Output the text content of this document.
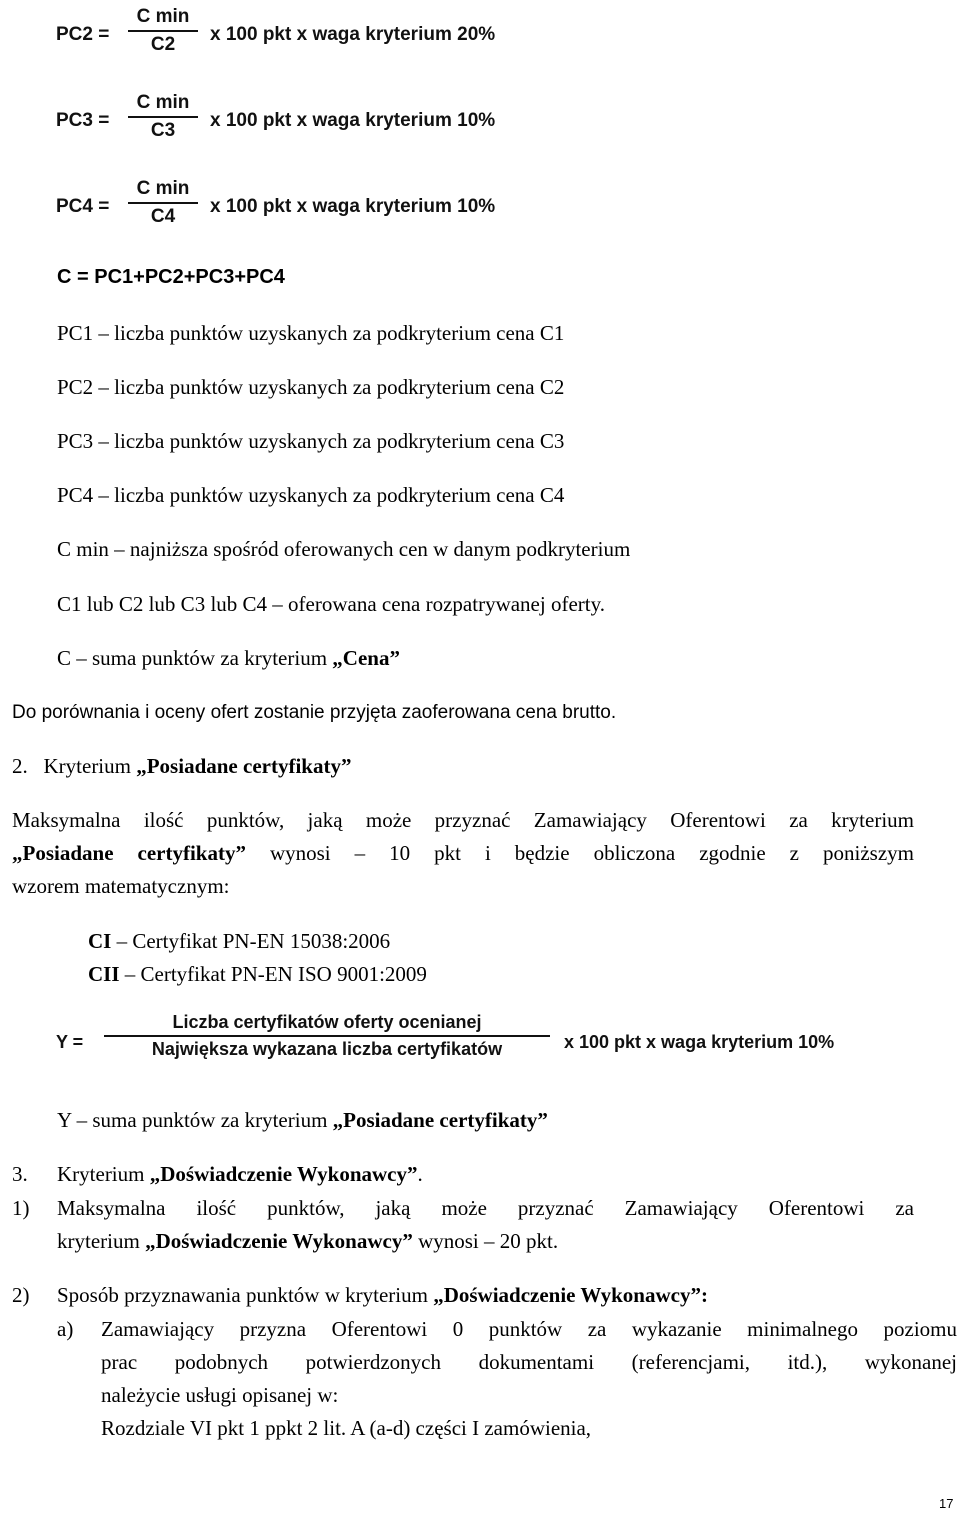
PC2 =
C min
C2	x 100 pkt x waga kryterium 20%
PC3 =
C min
C3	x 100 pkt x waga kryterium 10%
PC4 =
C min
C4	x 100 pkt x waga kryterium 10%
C = PC1+PC2+PC3+PC4
PC1 – liczba punktów uzyskanych za podkryterium cena C1
PC2 – liczba punktów uzyskanych za podkryterium cena C2
PC3 – liczba punktów uzyskanych za podkryterium cena C3
PC4 – liczba punktów uzyskanych za podkryterium cena C4
C min – najniższa spośród oferowanych cen w danym podkryterium
C1 lub C2 lub C3 lub C4 – oferowana cena rozpatrywanej oferty.
C – suma punktów za kryterium „Cena”
Do porównania i oceny ofert zostanie przyjęta zaoferowana cena brutto.
2. Kryterium „Posiadane certyfikaty”
Maksymalna ilość punktów, jaką może przyznać Zamawiający Oferentowi za kryterium
„Posiadane certyfikaty” wynosi – 10 pkt i będzie obliczona zgodnie z poniższym
wzorem matematycznym:
CI – Certyfikat PN-EN 15038:2006
CII – Certyfikat PN-EN ISO 9001:2009
Y =
Liczba certyfikatów oferty ocenianej
Największa wykazana liczba certyfikatów	x 100 pkt x waga kryterium 10%
Y – suma punktów za kryterium „Posiadane certyfikaty”
3. Kryterium „Doświadczenie Wykonawcy”.
1) Maksymalna ilość punktów, jaką może przyznać Zamawiający Oferentowi za
kryterium „Doświadczenie Wykonawcy” wynosi – 20 pkt.
2) Sposób przyznawania punktów w kryterium „Doświadczenie Wykonawcy”:
a) Zamawiający przyzna Oferentowi 0 punktów za wykazanie minimalnego poziomu
prac podobnych potwierdzonych dokumentami (referencjami, itd.), wykonanej
należycie usługi opisanej w:
Rozdziale VI pkt 1 ppkt 2 lit. A (a-d) części I zamówienia,
17
